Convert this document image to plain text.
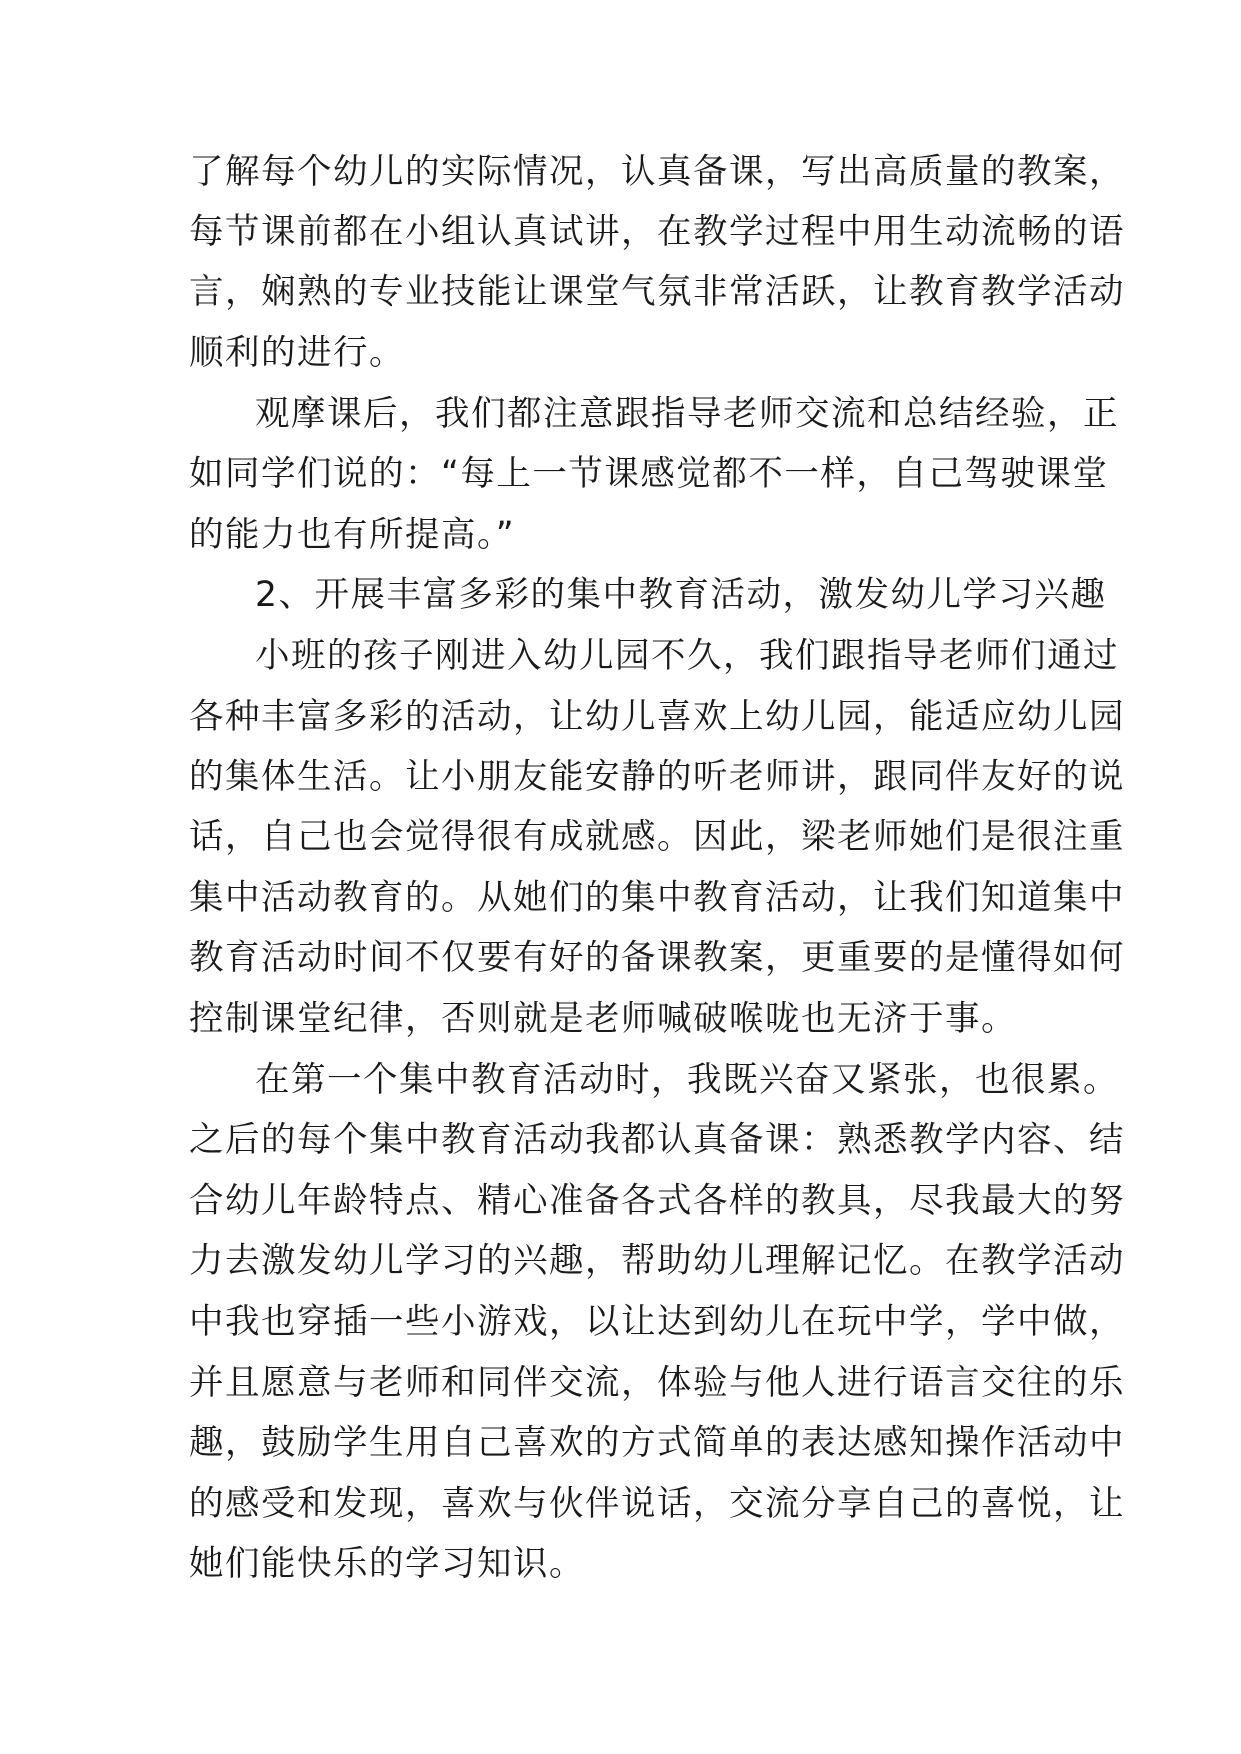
了解每个幼儿的实际情况，认真备课，写出高质量的教案，
每节课前都在小组认真试讲，在教学过程中用生动流畅的语
言，娴熟的专业技能让课堂气氛非常活跃，让教育教学活动
顺利的进行。
观摩课后，我们都注意跟指导老师交流和总结经验，正
如同学们说的：“每上一节课感觉都不一样，自己驾驶课堂
的能力也有所提高。”
2、开展丰富多彩的集中教育活动，激发幼儿学习兴趣
小班的孩子刚进入幼儿园不久，我们跟指导老师们通过
各种丰富多彩的活动，让幼儿喜欢上幼儿园，能适应幼儿园
的集体生活。让小朋友能安静的听老师讲，跟同伴友好的说
话，自己也会觉得很有成就感。因此，梁老师她们是很注重
集中活动教育的。从她们的集中教育活动，让我们知道集中
教育活动时间不仅要有好的备课教案，更重要的是懂得如何
控制课堂纪律，否则就是老师喊破喉咙也无济于事。
在第一个集中教育活动时，我既兴奋又紧张，也很累。
之后的每个集中教育活动我都认真备课：熟悉教学内容、结
合幼儿年龄特点、精心准备各式各样的教具，尽我最大的努
力去激发幼儿学习的兴趣，帮助幼儿理解记忆。在教学活动
中我也穿插一些小游戏，以让达到幼儿在玩中学，学中做，
并且愿意与老师和同伴交流，体验与他人进行语言交往的乐
趣，鼓励学生用自己喜欢的方式简单的表达感知操作活动中
的感受和发现，喜欢与伙伴说话，交流分享自己的喜悦，让
她们能快乐的学习知识。
